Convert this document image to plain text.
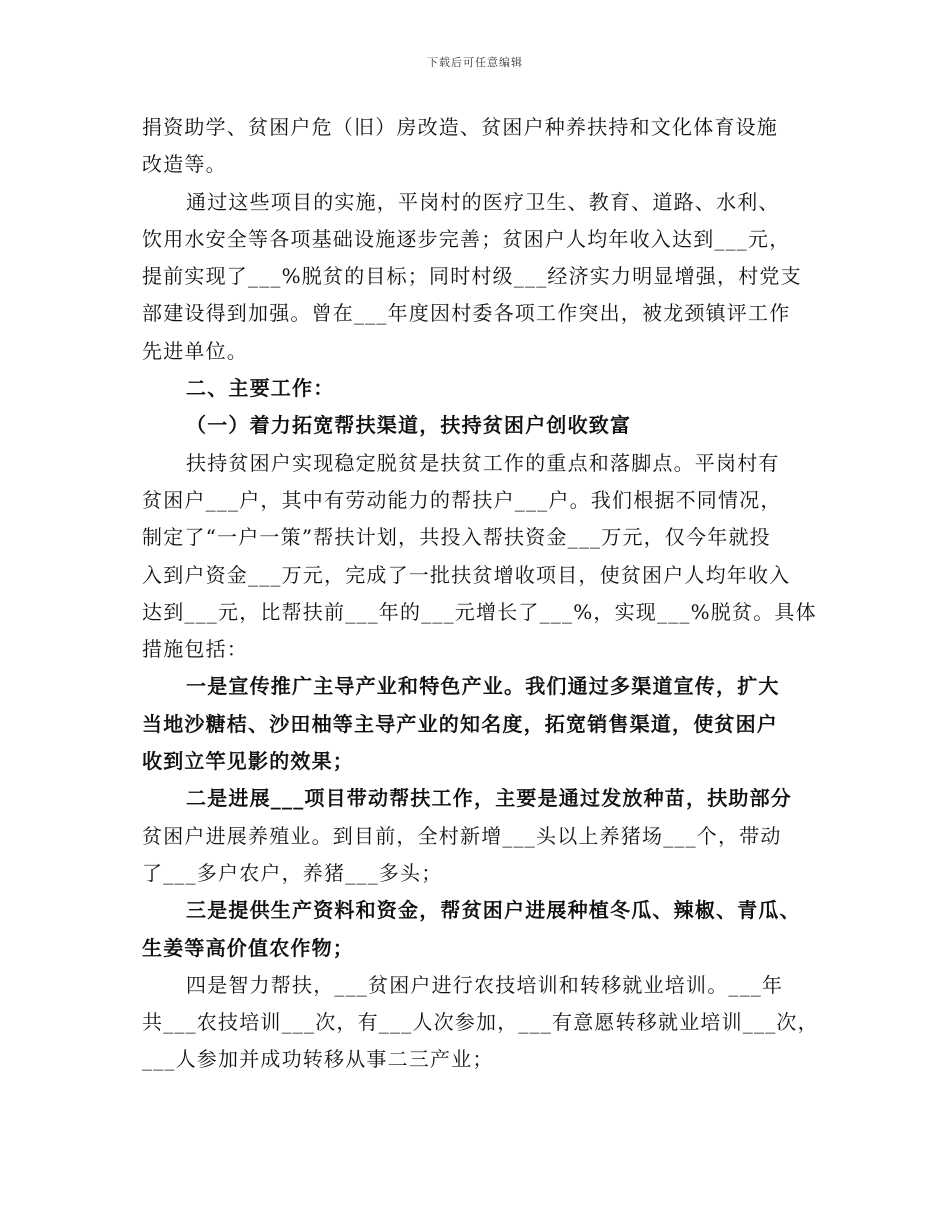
下载后可任意编辑
捐资助学、贫困户危（旧）房改造、贫困户种养扶持和文化体育设施
改造等。
通过这些项目的实施，平岗村的医疗卫生、教育、道路、水利、
饮用水安全等各项基础设施逐步完善；贫困户人均年收入达到___元，
提前实现了___%脱贫的目标；同时村级___经济实力明显增强，村党支
部建设得到加强。曾在___年度因村委各项工作突出，被龙颈镇评工作
先进单位。
二、主要工作：
（一）着力拓宽帮扶渠道，扶持贫困户创收致富
扶持贫困户实现稳定脱贫是扶贫工作的重点和落脚点。平岗村有
贫困户___户，其中有劳动能力的帮扶户___户。我们根据不同情况，
制定了“一户一策”帮扶计划，共投入帮扶资金___万元，仅今年就投
入到户资金___万元，完成了一批扶贫增收项目，使贫困户人均年收入
达到___元，比帮扶前___年的___元增长了___%，实现___%脱贫。具体
措施包括：
一是宣传推广主导产业和特色产业。我们通过多渠道宣传，扩大
当地沙糖桔、沙田柚等主导产业的知名度，拓宽销售渠道，使贫困户
收到立竿见影的效果；
二是进展___项目带动帮扶工作，主要是通过发放种苗，扶助部分
贫困户进展养殖业。到目前，全村新增___头以上养猪场___个，带动
了___多户农户，养猪___多头；
三是提供生产资料和资金，帮贫困户进展种植冬瓜、辣椒、青瓜、
生姜等高价值农作物；
四是智力帮扶，___贫困户进行农技培训和转移就业培训。___年
共___农技培训___次，有___人次参加，___有意愿转移就业培训___次，
___人参加并成功转移从事二三产业；
